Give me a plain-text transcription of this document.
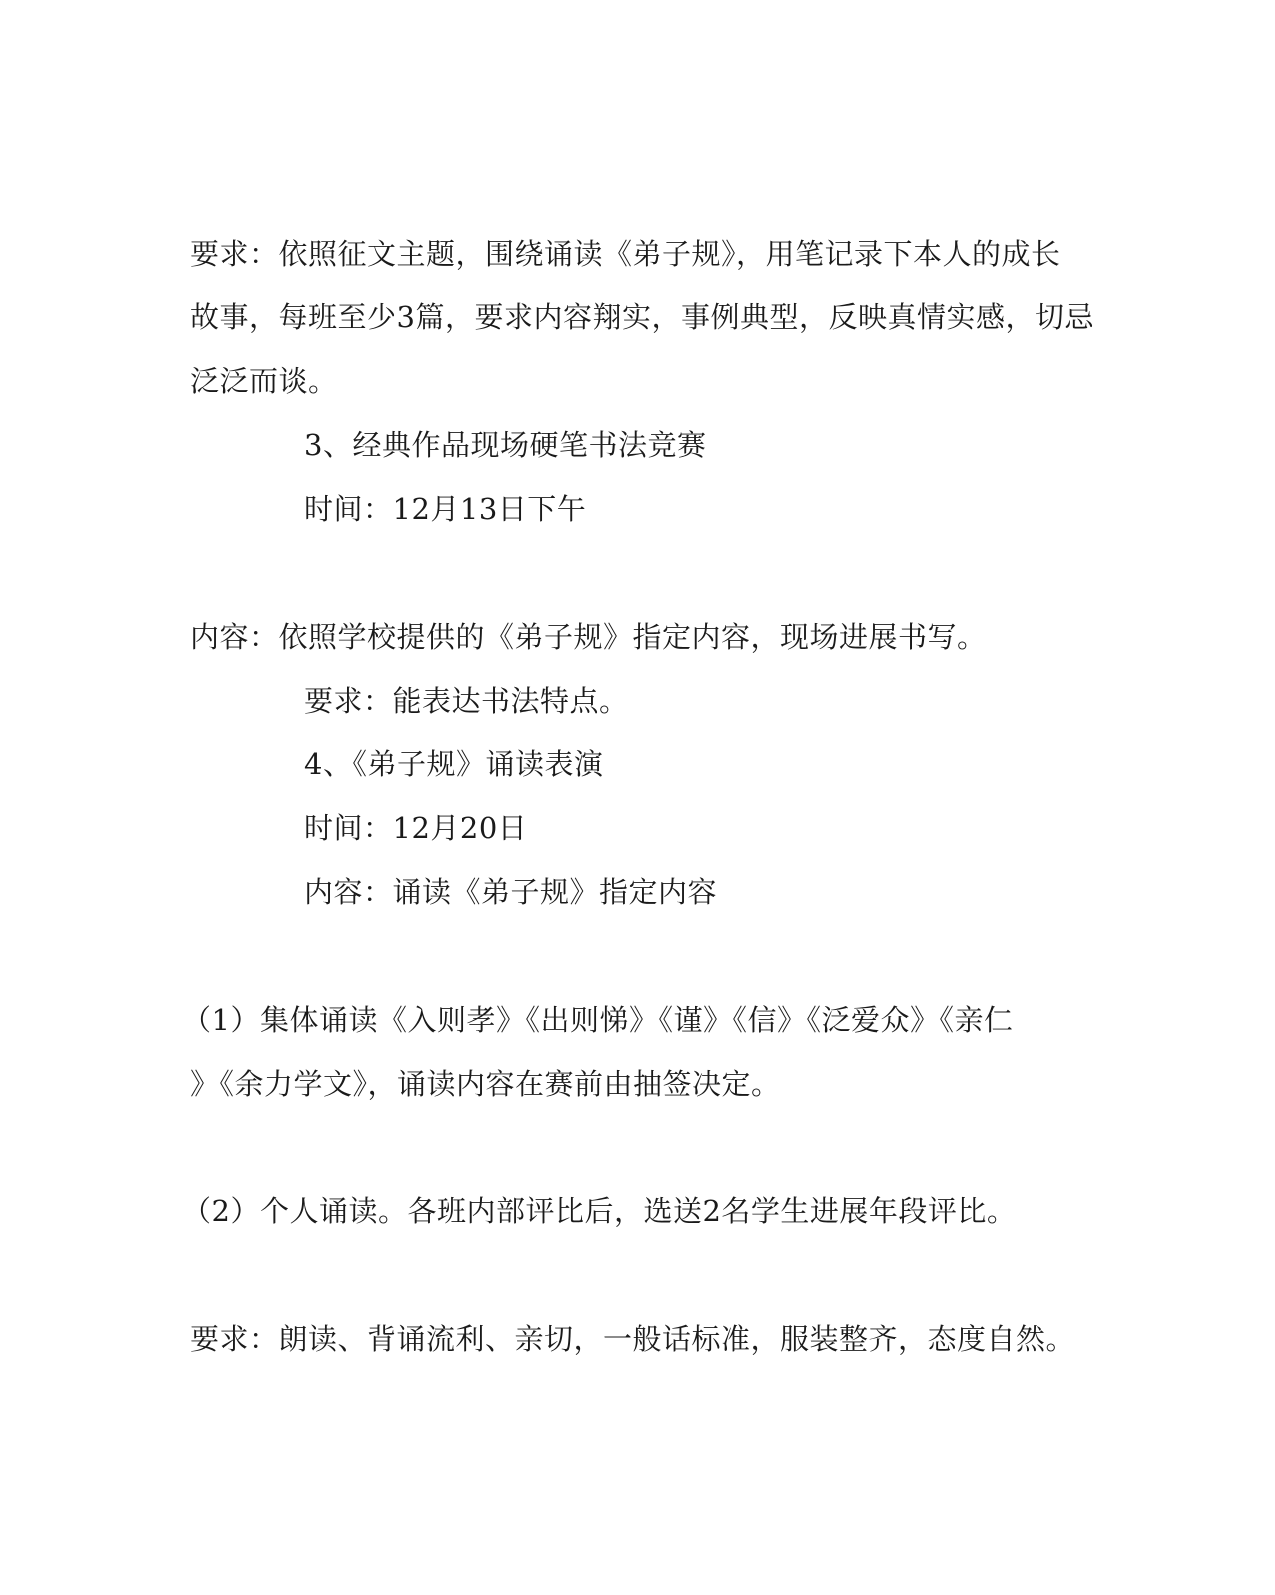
要求：依照征文主题，围绕诵读《弟子规》，用笔记录下本人的成长
故事，每班至少3篇，要求内容翔实，事例典型，反映真情实感，切忌
泛泛而谈。
3、经典作品现场硬笔书法竞赛
时间：12月13日下午
内容：依照学校提供的《弟子规》指定内容，现场进展书写。
要求：能表达书法特点。
4、《弟子规》诵读表演
时间：12月20日
内容：诵读《弟子规》指定内容
（1）集体诵读《入则孝》《出则悌》《谨》《信》《泛爱众》《亲仁
》《余力学文》，诵读内容在赛前由抽签决定。
（2）个人诵读。各班内部评比后，选送2名学生进展年段评比。
要求：朗读、背诵流利、亲切，一般话标准，服装整齐，态度自然。
